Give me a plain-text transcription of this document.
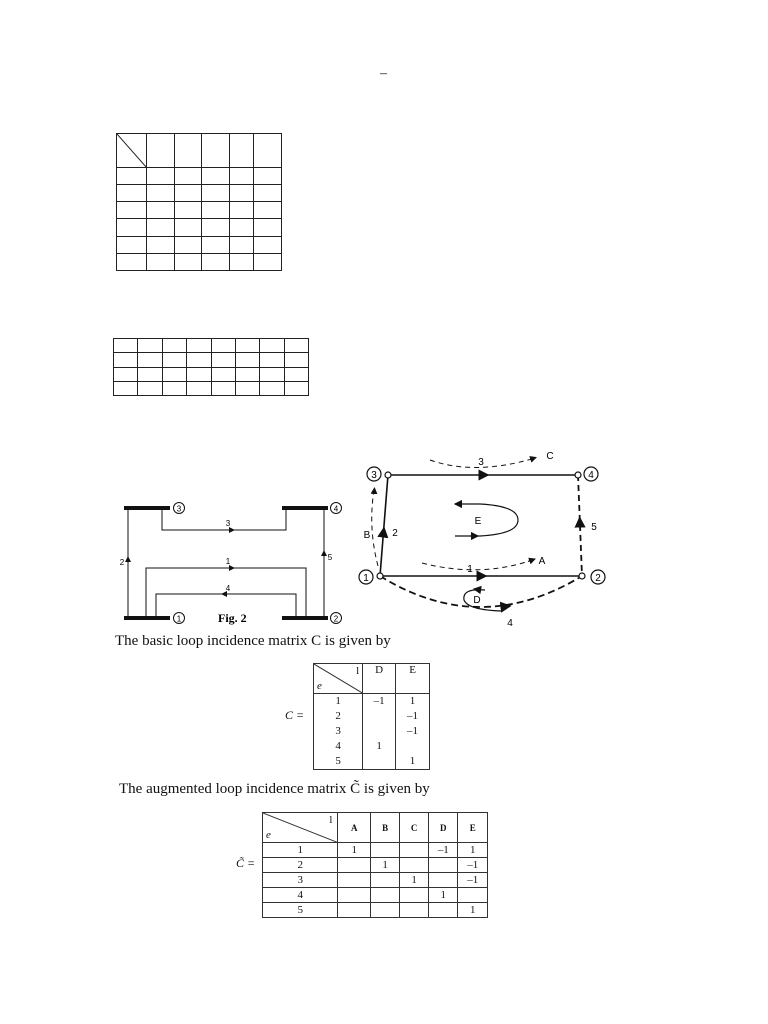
–

3	4
1	2
3
1
4
2
5
Fig. 2
3	4
1	2
3
2
1
5
4
A
B
C
D
E
The basic loop incidence matrix C is given by
C =
l
e	D	E
1	–1	1
2		–1
3		–1
4	1	
5		1
The augmented loop incidence matrix C̃ is given by
C̃ =
l
e	A	B	C	D	E
1	1			–1	1
2		1			–1
3			1		–1
4				1	
5					1
